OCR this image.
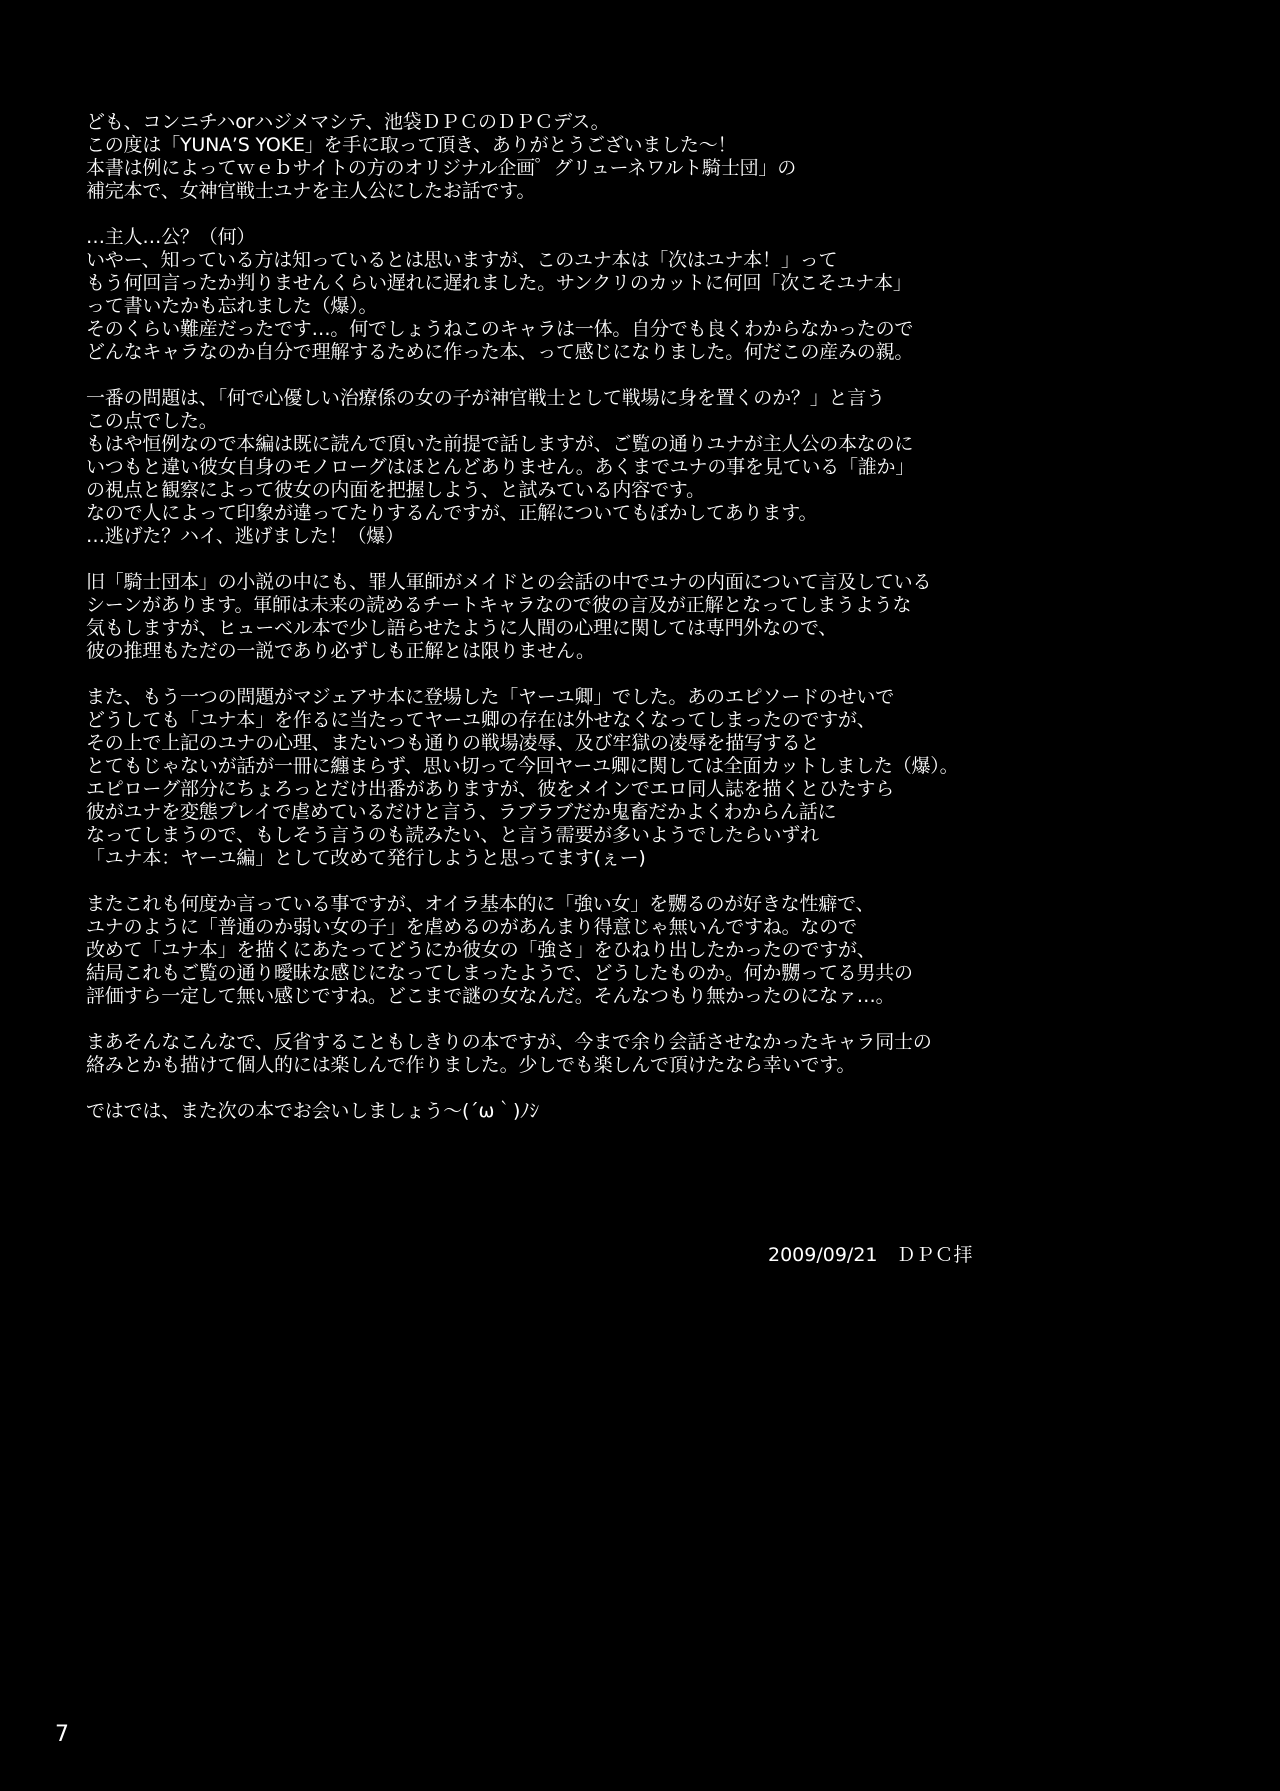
ども、コンニチハorハジメマシテ、池袋ＤＰＣのＤＰＣデス。
この度は「YUNA’S YOKE」を手に取って頂き、ありがとうございました～！
本書は例によってｗｅｂサイトの方のオリジナル企画゜グリューネワルト騎士団」の
補完本で、女神官戦士ユナを主人公にしたお話です。
…主人…公？（何）
いやー、知っている方は知っているとは思いますが、このユナ本は「次はユナ本！」って
もう何回言ったか判りませんくらい遅れに遅れました。サンクリのカットに何回「次こそユナ本」
って書いたかも忘れました（爆）。
そのくらい難産だったです…。何でしょうねこのキャラは一体。自分でも良くわからなかったので
どんなキャラなのか自分で理解するために作った本、って感じになりました。何だこの産みの親。
一番の問題は、「何で心優しい治療係の女の子が神官戦士として戦場に身を置くのか？」と言う
この点でした。
もはや恒例なので本編は既に読んで頂いた前提で話しますが、ご覧の通りユナが主人公の本なのに
いつもと違い彼女自身のモノローグはほとんどありません。あくまでユナの事を見ている「誰か」
の視点と観察によって彼女の内面を把握しよう、と試みている内容です。
なので人によって印象が違ってたりするんですが、正解についてもぼかしてあります。
…逃げた？ハイ、逃げました！（爆）
旧「騎士団本」の小説の中にも、罪人軍師がメイドとの会話の中でユナの内面について言及している
シーンがあります。軍師は未来の読めるチートキャラなので彼の言及が正解となってしまうような
気もしますが、ヒューベル本で少し語らせたように人間の心理に関しては専門外なので、
彼の推理もただの一説であり必ずしも正解とは限りません。
また、もう一つの問題がマジェアサ本に登場した「ヤーユ卿」でした。あのエピソードのせいで
どうしても「ユナ本」を作るに当たってヤーユ卿の存在は外せなくなってしまったのですが、
その上で上記のユナの心理、またいつも通りの戦場凌辱、及び牢獄の凌辱を描写すると
とてもじゃないが話が一冊に纏まらず、思い切って今回ヤーユ卿に関しては全面カットしました（爆）。
エピローグ部分にちょろっとだけ出番がありますが、彼をメインでエロ同人誌を描くとひたすら
彼がユナを変態プレイで虐めているだけと言う、ラブラブだか鬼畜だかよくわからん話に
なってしまうので、もしそう言うのも読みたい、と言う需要が多いようでしたらいずれ
「ユナ本：ヤーユ編」として改めて発行しようと思ってます(ぇー)
またこれも何度か言っている事ですが、オイラ基本的に「強い女」を嬲るのが好きな性癖で、
ユナのように「普通のか弱い女の子」を虐めるのがあんまり得意じゃ無いんですね。なので
改めて「ユナ本」を描くにあたってどうにか彼女の「強さ」をひねり出したかったのですが、
結局これもご覧の通り曖昧な感じになってしまったようで、どうしたものか。何か嬲ってる男共の
評価すら一定して無い感じですね。どこまで謎の女なんだ。そんなつもり無かったのになァ…。
まあそんなこんなで、反省することもしきりの本ですが、今まで余り会話させなかったキャラ同士の
絡みとかも描けて個人的には楽しんで作りました。少しでも楽しんで頂けたなら幸いです。
ではでは、また次の本でお会いしましょう～(´ω｀)ﾉｼ
2009/09/21　ＤＰＣ拝
7
